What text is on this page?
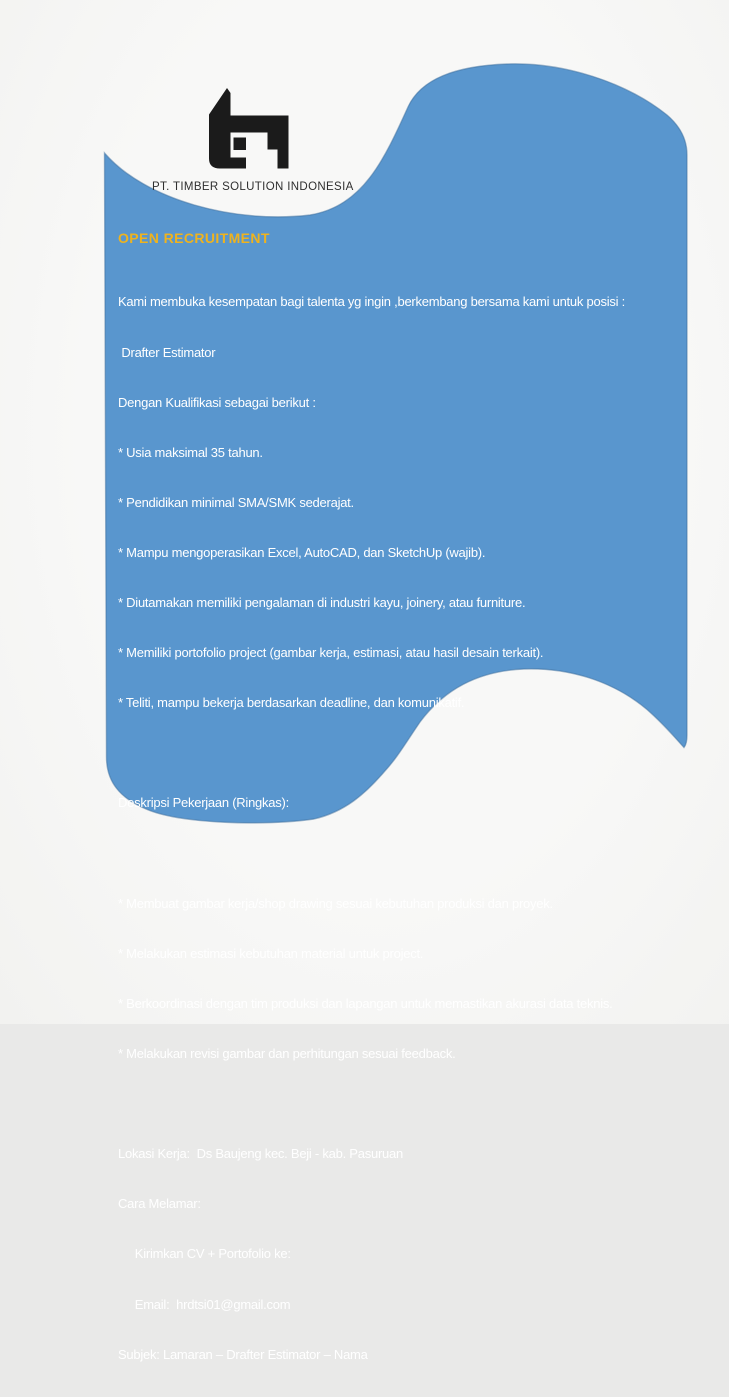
PT. TIMBER SOLUTION INDONESIA
OPEN RECRUITMENT

Kami membuka kesempatan bagi talenta yg ingin ,berkembang bersama kami untuk posisi :

Drafter Estimator

Dengan Kualifikasi sebagai berikut :

* Usia maksimal 35 tahun.

* Pendidikan minimal SMA/SMK sederajat.

* Mampu mengoperasikan Excel, AutoCAD, dan SketchUp (wajib).

* Diutamakan memiliki pengalaman di industri kayu, joinery, atau furniture.

* Memiliki portofolio project (gambar kerja, estimasi, atau hasil desain terkait).

* Teliti, mampu bekerja berdasarkan deadline, dan komunikatif.

Deskripsi Pekerjaan (Ringkas):

* Membuat gambar kerja/shop drawing sesuai kebutuhan produksi dan proyek.

* Melakukan estimasi kebutuhan material untuk project.

* Berkoordinasi dengan tim produksi dan lapangan untuk memastikan akurasi data teknis.

* Melakukan revisi gambar dan perhitungan sesuai feedback.

Lokasi Kerja:  Ds Baujeng kec. Beji - kab. Pasuruan

Cara Melamar:

Kirimkan CV + Portofolio ke:

Email:  hrdtsi01@gmail.com

Subjek: Lamaran – Drafter Estimator – Nama
